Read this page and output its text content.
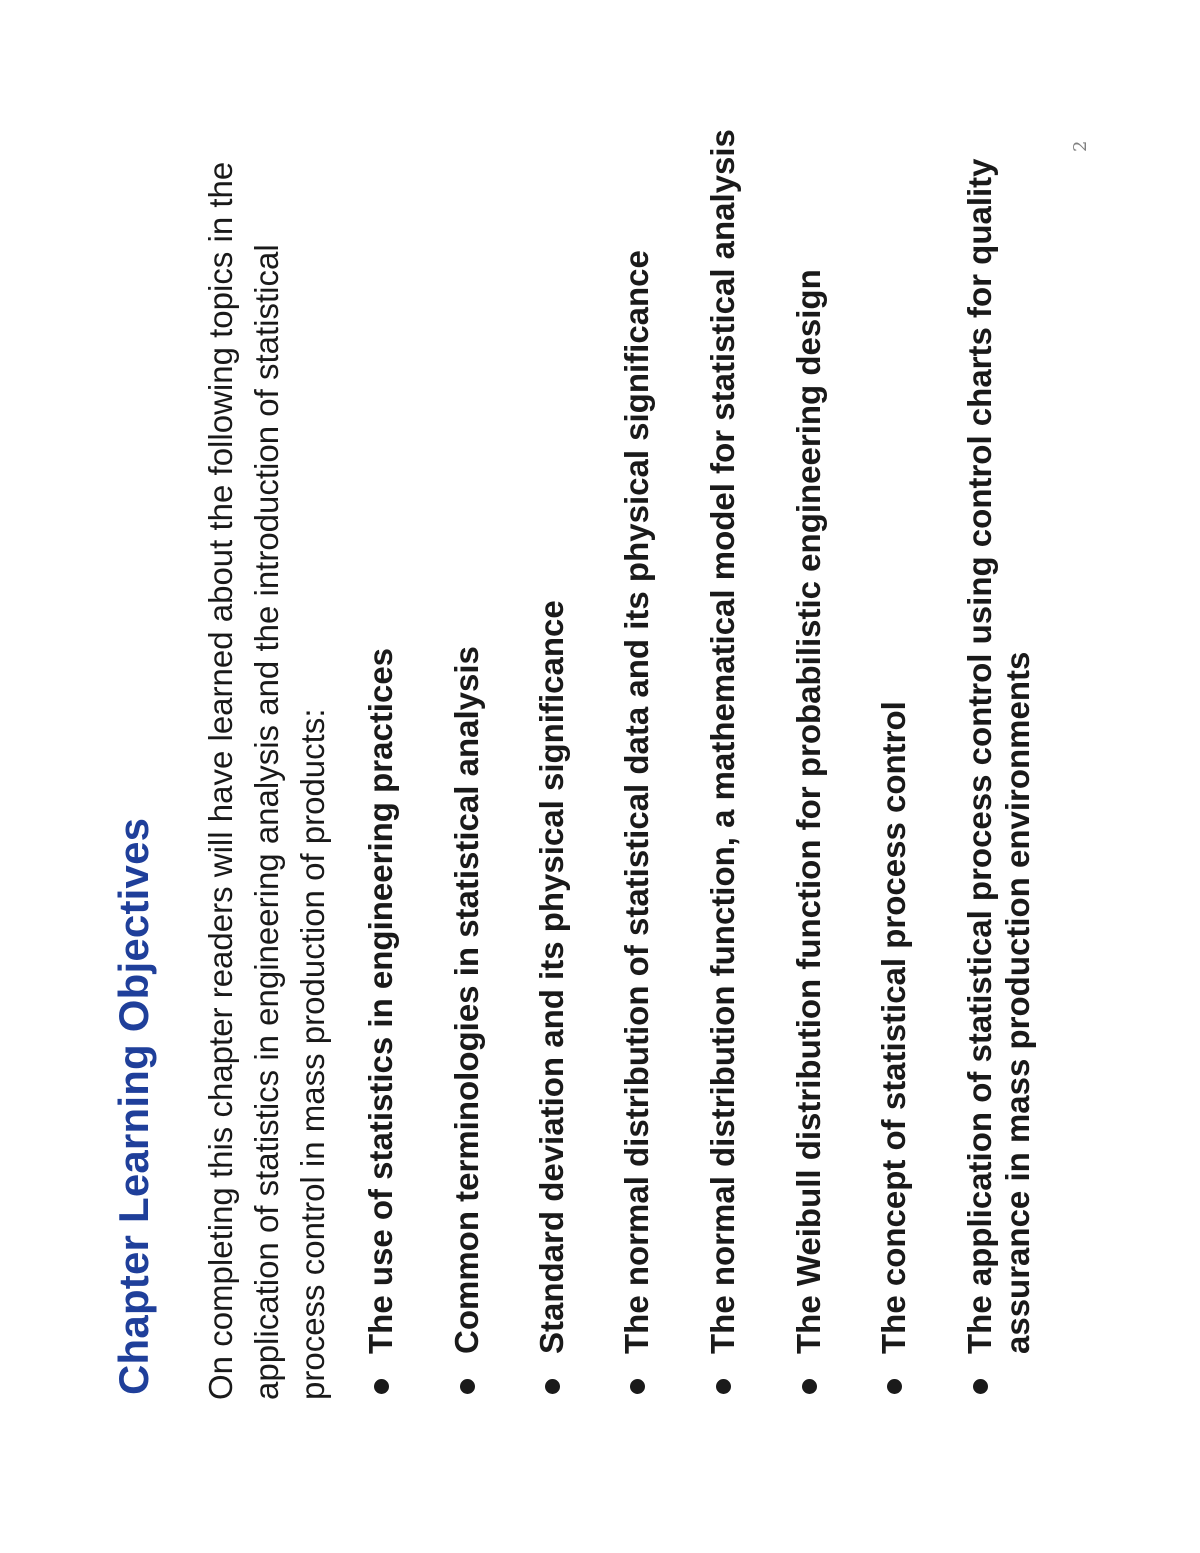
Chapter Learning Objectives On completing this chapter readers will have learned about the following topics in the application of statistics in engineering analysis and the introduction of statistical process control in mass production of products: The use of statistics in engineering practices Common terminologies in statistical analysis Standard deviation and its physical significance The normal distribution of statistical data and its physical significance The normal distribution function, a mathematical model for statistical analysis The Weibull distribution function for probabilistic engineering design The concept of statistical process control The application of statistical process control using control charts for quality assurance in mass production environments
2
